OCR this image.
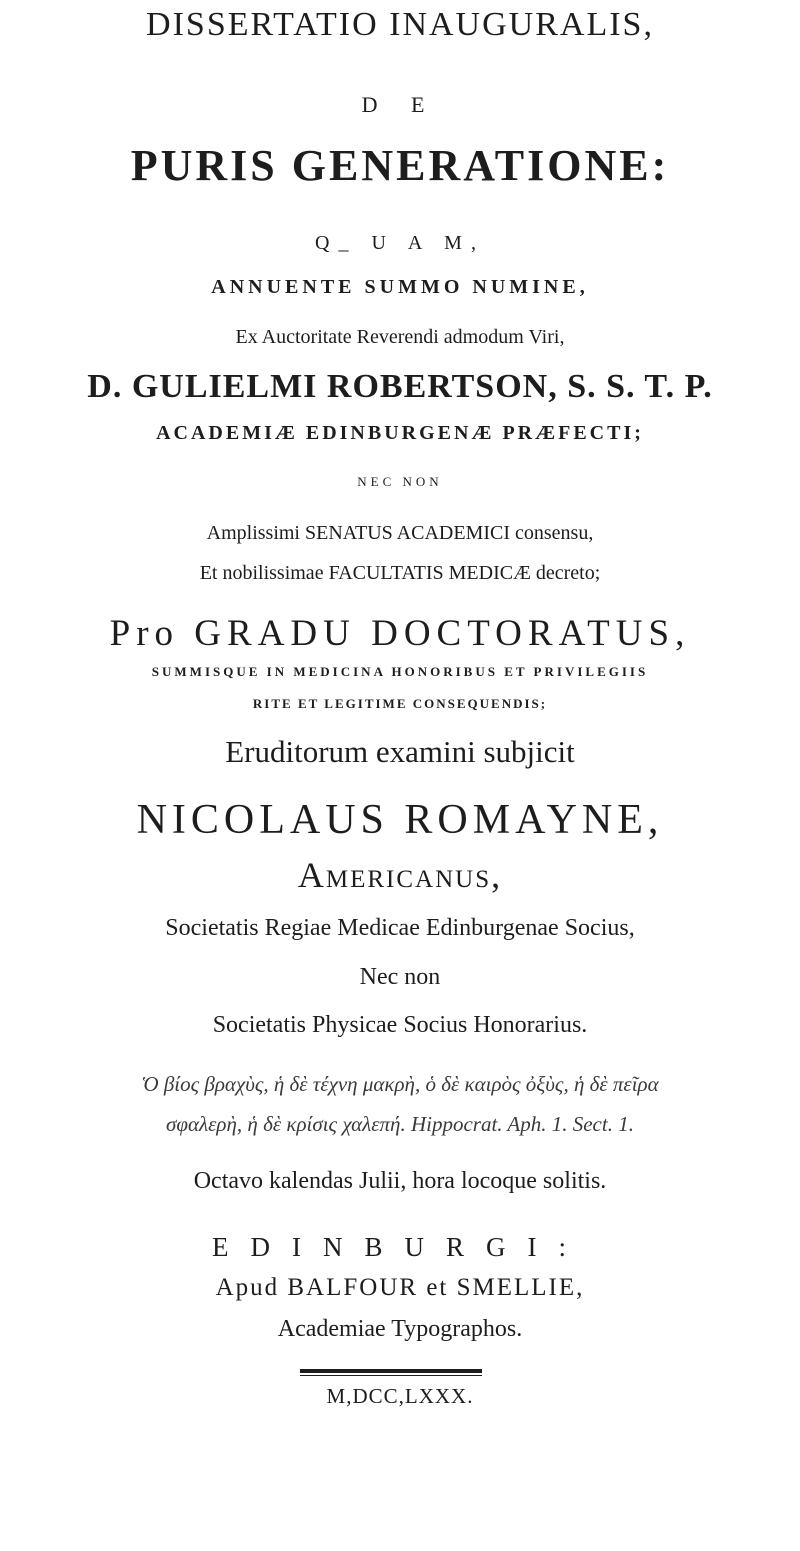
DISSERTATIO INAUGURALIS,
D E
PURIS GENERATIONE:
Q_ U A M,
ANNUENTE SUMMO NUMINE,
Ex Auctoritate Reverendi admodum Viri,
D. GULIELMI ROBERTSON, S. S. T. P.
ACADEMIÆ EDINBURGENÆ PRÆFECTI;
NEC NON
Amplissimi SENATUS ACADEMICI consensu,
Et nobilissimae FACULTATIS MEDICÆ decreto;
Pro GRADU DOCTORATUS,
SUMMISQUE IN MEDICINA HONORIBUS ET PRIVILEGIIS
RITE ET LEGITIME CONSEQUENDIS;
Eruditorum examini subjicit
NICOLAUS ROMAYNE,
Americanus,
Societatis Regiae Medicae Edinburgenae Socius,
Nec non
Societatis Physicae Socius Honorarius.
Ὁ βίος βραχὺς, ἡ δὲ τέχνη μακρὴ, ὁ δὲ καιρὸς ὀξὺς, ἡ δὲ πεῖρα
σφαλερὴ, ἡ δὲ κρίσις χαλεπή. Hippocrat. Aph. 1. Sect. 1.
Octavo kalendas Julii, hora locoque solitis.
EDINBURGI:
Apud BALFOUR et SMELLIE,
Academiae Typographos.
M,DCC,LXXX.
